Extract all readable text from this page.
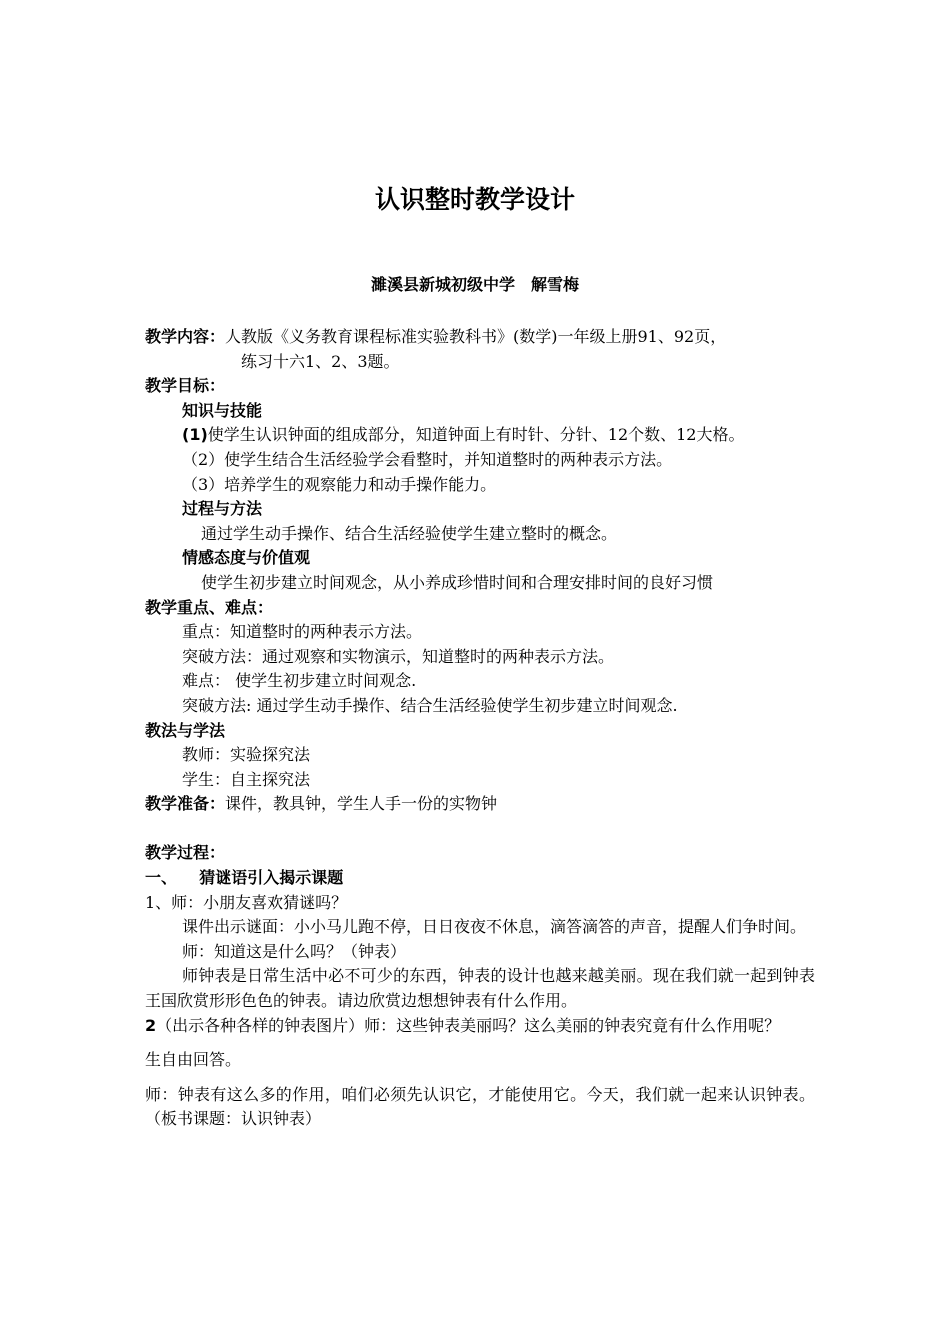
认识整时教学设计
濉溪县新城初级中学　解雪梅

教学内容：人教版《义务教育课程标准实验教科书》(数学)一年级上册91、92页，

练习十六1、2、3题。

教学目标：

知识与技能

(1)使学生认识钟面的组成部分，知道钟面上有时针、分针、12个数、12大格。

（2）使学生结合生活经验学会看整时，并知道整时的两种表示方法。

（3）培养学生的观察能力和动手操作能力。

过程与方法

通过学生动手操作、结合生活经验使学生建立整时的概念。

情感态度与价值观

使学生初步建立时间观念，从小养成珍惜时间和合理安排时间的良好习惯

教学重点、难点：

重点：知道整时的两种表示方法。

突破方法：通过观察和实物演示，知道整时的两种表示方法。

难点： 使学生初步建立时间观念.

突破方法: 通过学生动手操作、结合生活经验使学生初步建立时间观念.

教法与学法

教师：实验探究法

学生：自主探究法

教学准备：课件，教具钟，学生人手一份的实物钟

教学过程：

一、    猜谜语引入揭示课题

1、师：小朋友喜欢猜谜吗？

课件出示谜面：小小马儿跑不停，日日夜夜不休息，滴答滴答的声音，提醒人们争时间。

师：知道这是什么吗？（钟表）

师钟表是日常生活中必不可少的东西，钟表的设计也越来越美丽。现在我们就一起到钟表王国欣赏形形色色的钟表。请边欣赏边想想钟表有什么作用。

2（出示各种各样的钟表图片）师：这些钟表美丽吗？这么美丽的钟表究竟有什么作用呢？

生自由回答。

师：钟表有这么多的作用，咱们必须先认识它，才能使用它。今天，我们就一起来认识钟表。（板书课题：认识钟表）
